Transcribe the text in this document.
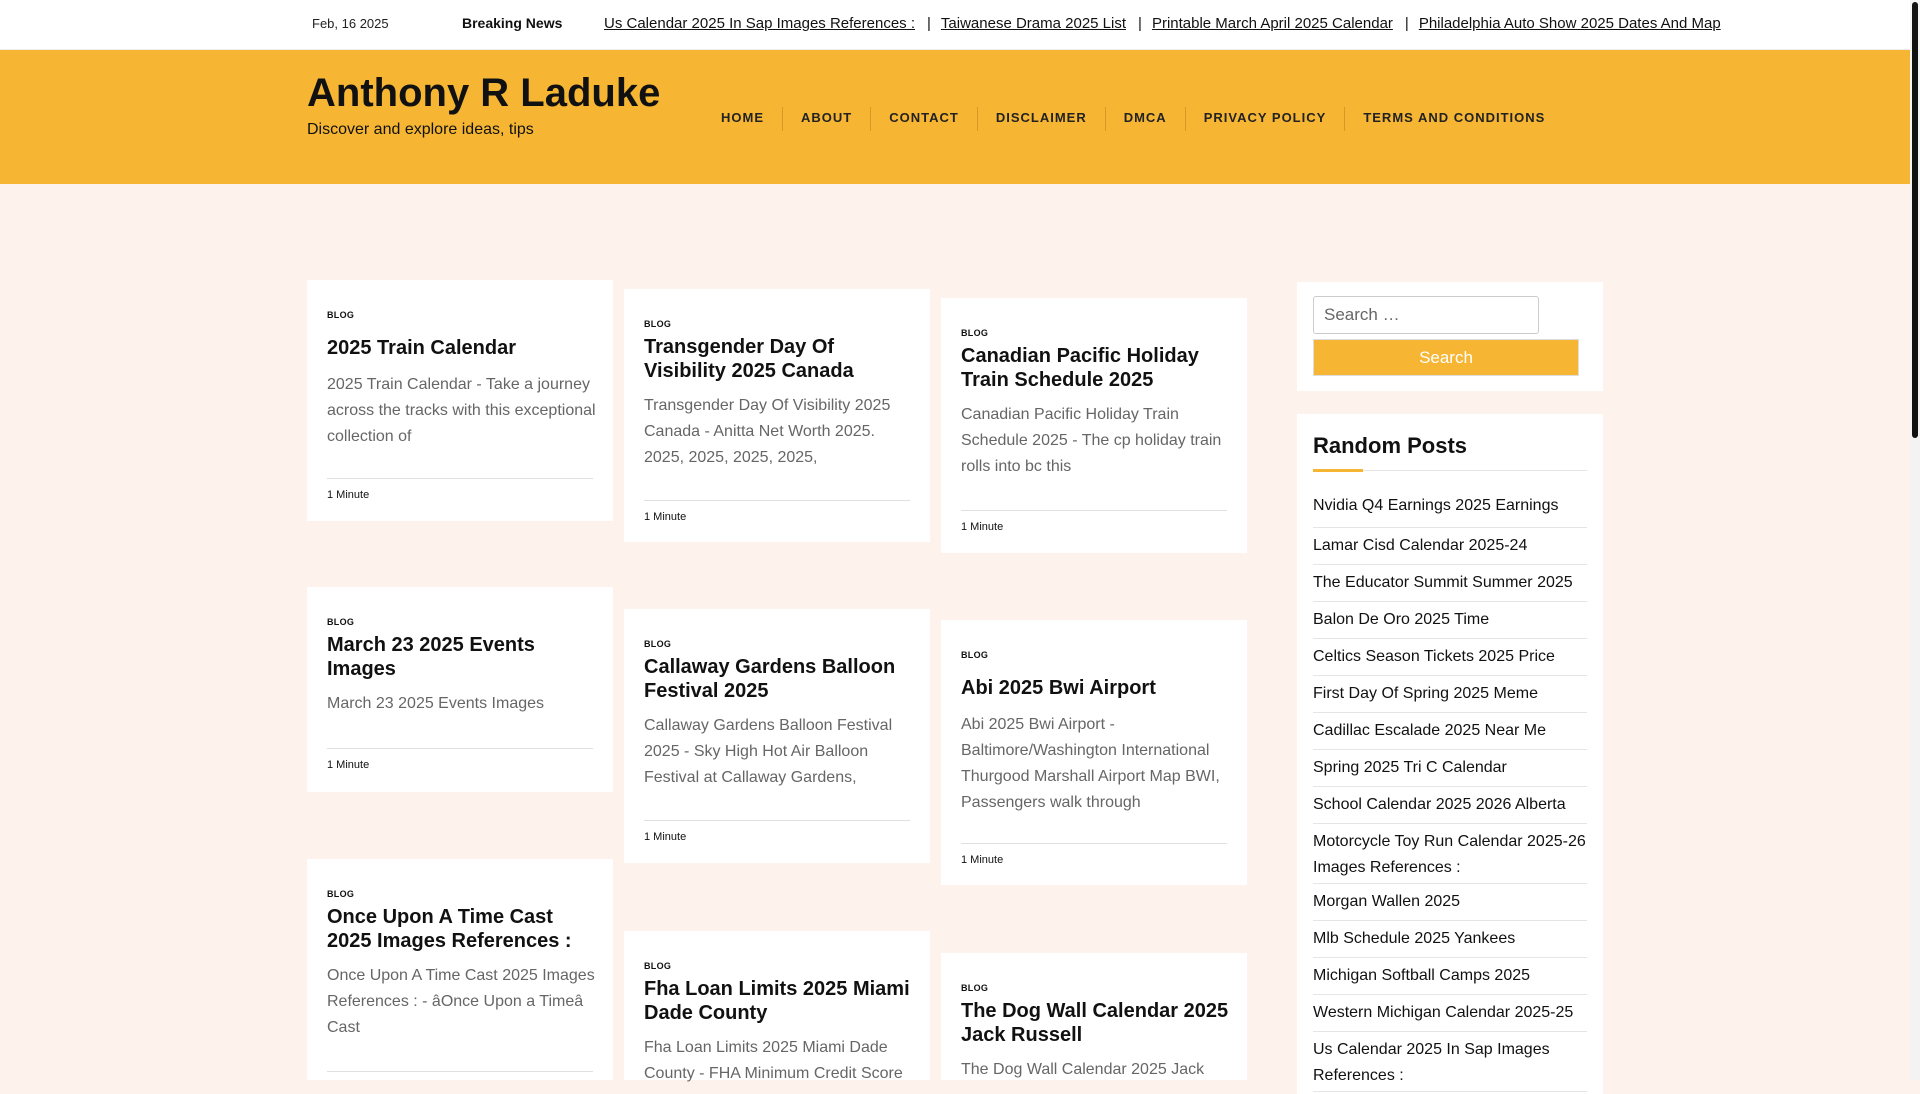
Feb, 16 2025	Breaking News	Us Calendar 2025 In Sap Images References : | Taiwanese Drama 2025 List | Printable March April 2025 Calendar | Philadelphia Auto Show 2025 Dates And Map
Anthony R Laduke
Discover and explore ideas, tips
HOME	ABOUT	CONTACT	DISCLAIMER	DMCA	PRIVACY POLICY	TERMS AND CONDITIONS
BLOG
2025 Train Calendar
2025 Train Calendar - Take a journey across the tracks with this exceptional collection of
1 Minute
BLOG
March 23 2025 Events Images
March 23 2025 Events Images
1 Minute
BLOG
Once Upon A Time Cast 2025 Images References :
Once Upon A Time Cast 2025 Images References : - âOnce Upon a Timeâ Cast
BLOG
Transgender Day Of Visibility 2025 Canada
Transgender Day Of Visibility 2025 Canada - Anitta Net Worth 2025. 2025, 2025, 2025, 2025,
1 Minute
BLOG
Callaway Gardens Balloon Festival 2025
Callaway Gardens Balloon Festival 2025 - Sky High Hot Air Balloon Festival at Callaway Gardens,
1 Minute
BLOG
Fha Loan Limits 2025 Miami Dade County
Fha Loan Limits 2025 Miami Dade County - FHA Minimum Credit Score
BLOG
Canadian Pacific Holiday Train Schedule 2025
Canadian Pacific Holiday Train Schedule 2025 - The cp holiday train rolls into bc this
1 Minute
BLOG
Abi 2025 Bwi Airport
Abi 2025 Bwi Airport - Baltimore/Washington International Thurgood Marshall Airport Map BWI, Passengers walk through
1 Minute
BLOG
The Dog Wall Calendar 2025 Jack Russell
The Dog Wall Calendar 2025 Jack
Search …
Search
Random Posts
Nvidia Q4 Earnings 2025 Earnings
Lamar Cisd Calendar 2025-24
The Educator Summit Summer 2025
Balon De Oro 2025 Time
Celtics Season Tickets 2025 Price
First Day Of Spring 2025 Meme
Cadillac Escalade 2025 Near Me
Spring 2025 Tri C Calendar
School Calendar 2025 2026 Alberta
Motorcycle Toy Run Calendar 2025-26 Images References :
Morgan Wallen 2025
Mlb Schedule 2025 Yankees
Michigan Softball Camps 2025
Western Michigan Calendar 2025-25
Us Calendar 2025 In Sap Images References :
